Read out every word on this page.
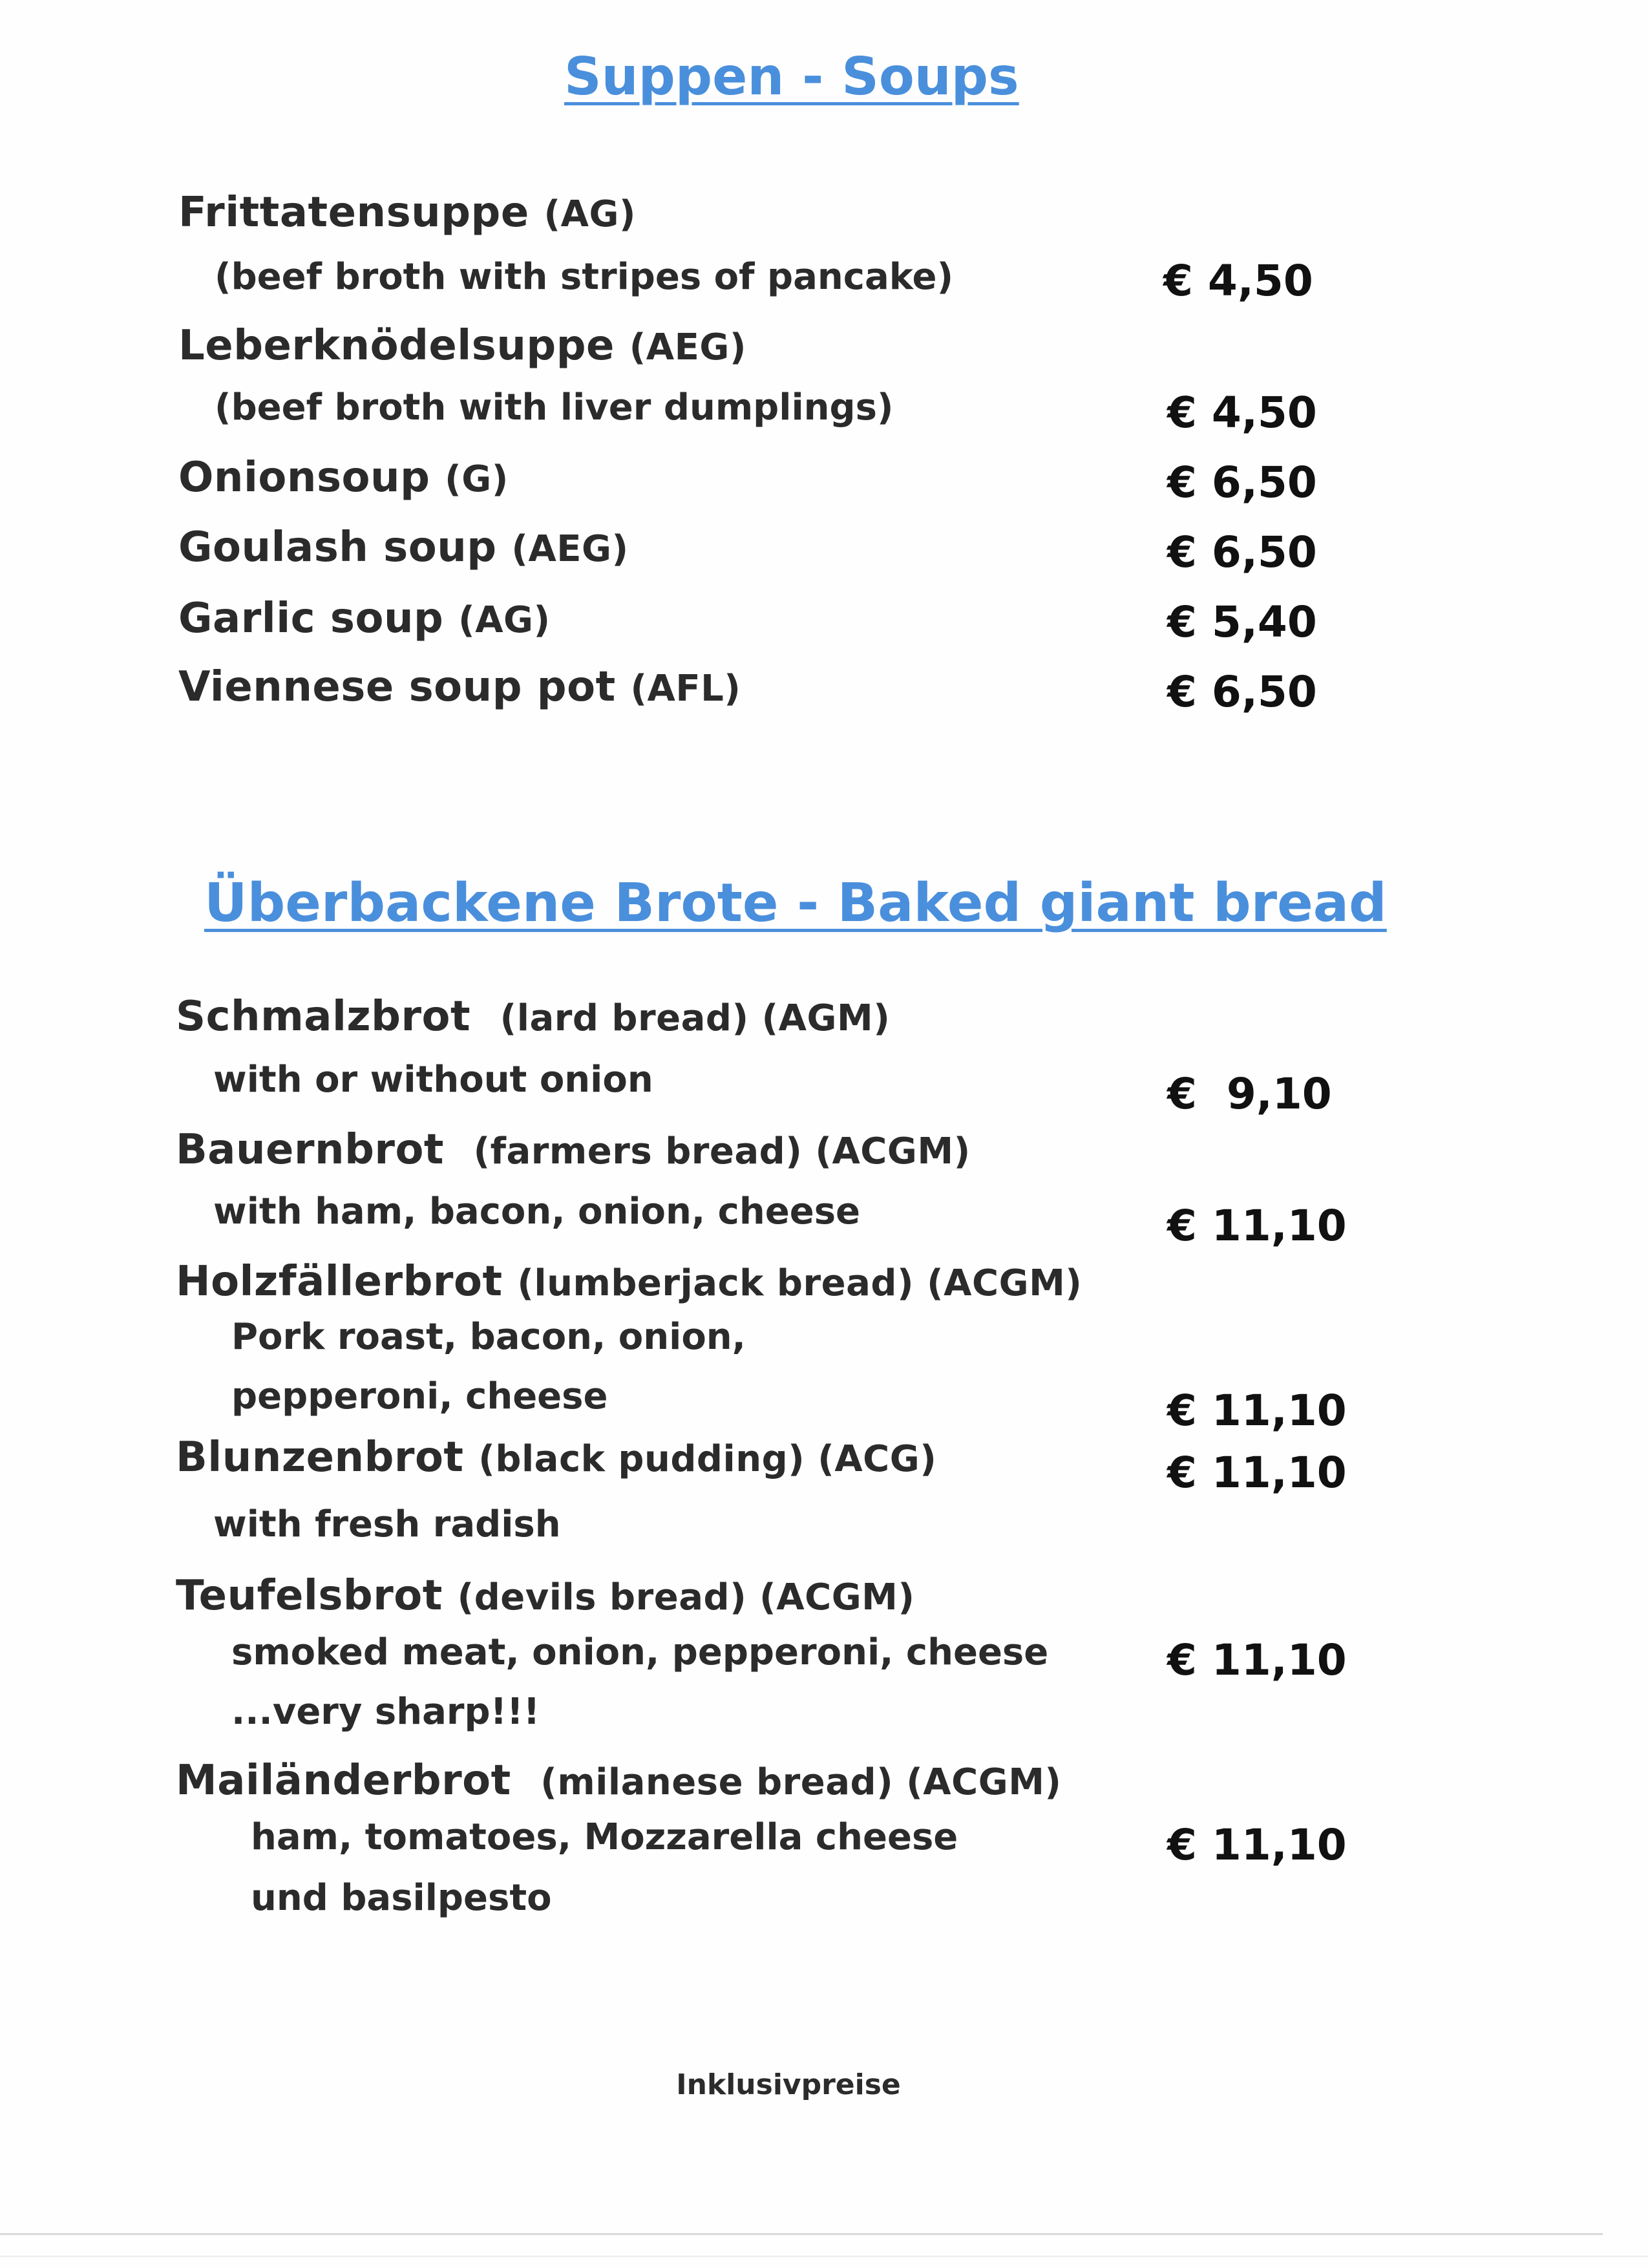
Suppen - Soups
Frittatensuppe (AG)
(beef broth with stripes of pancake)	€ 4,50
Leberknödelsuppe (AEG)
(beef broth with liver dumplings)	€ 4,50
Onionsoup (G)	€ 6,50
Goulash soup (AEG)	€ 6,50
Garlic soup (AG)	€ 5,40
Viennese soup pot (AFL)	€ 6,50
Überbackene Brote - Baked giant bread
Schmalzbrot (lard bread) (AGM)
with or without onion	€  9,10
Bauernbrot (farmers bread) (ACGM)
with ham, bacon, onion, cheese	€ 11,10
Holzfällerbrot (lumberjack bread) (ACGM)
Pork roast, bacon, onion,
pepperoni, cheese	€ 11,10
Blunzenbrot (black pudding) (ACG)	€ 11,10
with fresh radish
Teufelsbrot (devils bread) (ACGM)
smoked meat, onion, pepperoni, cheese	€ 11,10
...very sharp!!!
Mailänderbrot (milanese bread) (ACGM)
ham, tomatoes, Mozzarella cheese	€ 11,10
und basilpesto
Inklusivpreise
